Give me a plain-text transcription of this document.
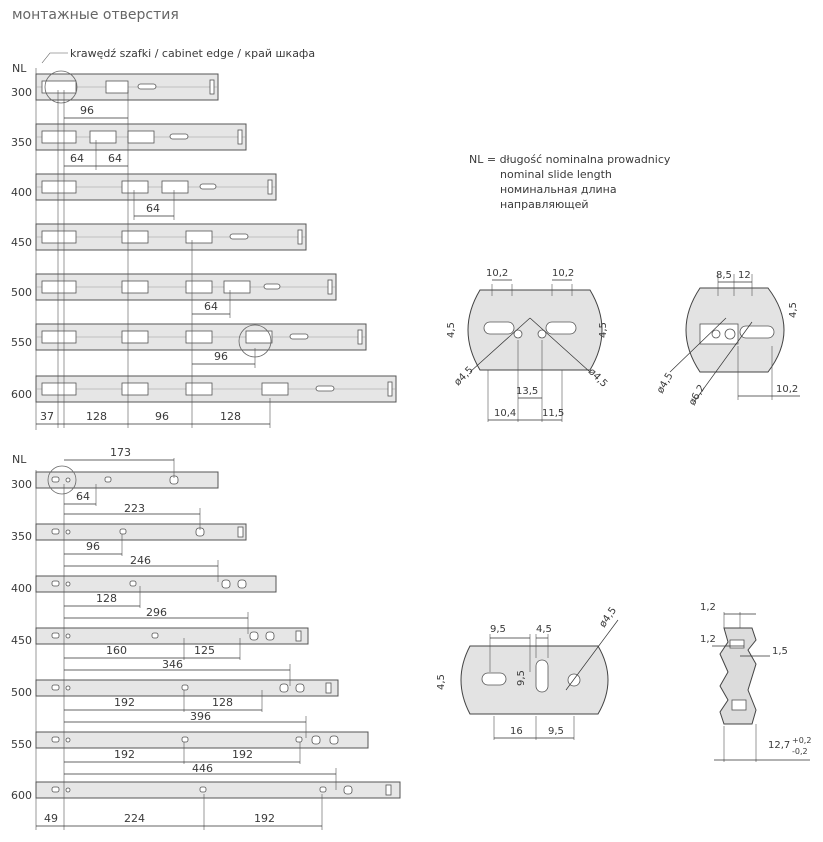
монтажные отверстия
NL
krawędź szafki / cabinet edge / край шкафа
96
64 64
64
64
96
37	128	96	128
300
350
400
450
500
550
600
NL = długość nominalna prowadnicy
nominal slide length
номинальная длина
направляющей
10,2	10,2
4,5	4,5
ø4,5	ø4,5
13,5
10,4	11,5
8,5 12
4,5
ø4,5 ø6,2	10,2
NL
173
64
223
96
246
128
296
160	125
346
192	128
396
192	192
446
49	224	192
300
350
400
450
500
550
600
9,5	4,5	ø4,5
4,5	9,5
16	9,5
1,2
1,2
1,5
12,7 +0,2
-0,2
